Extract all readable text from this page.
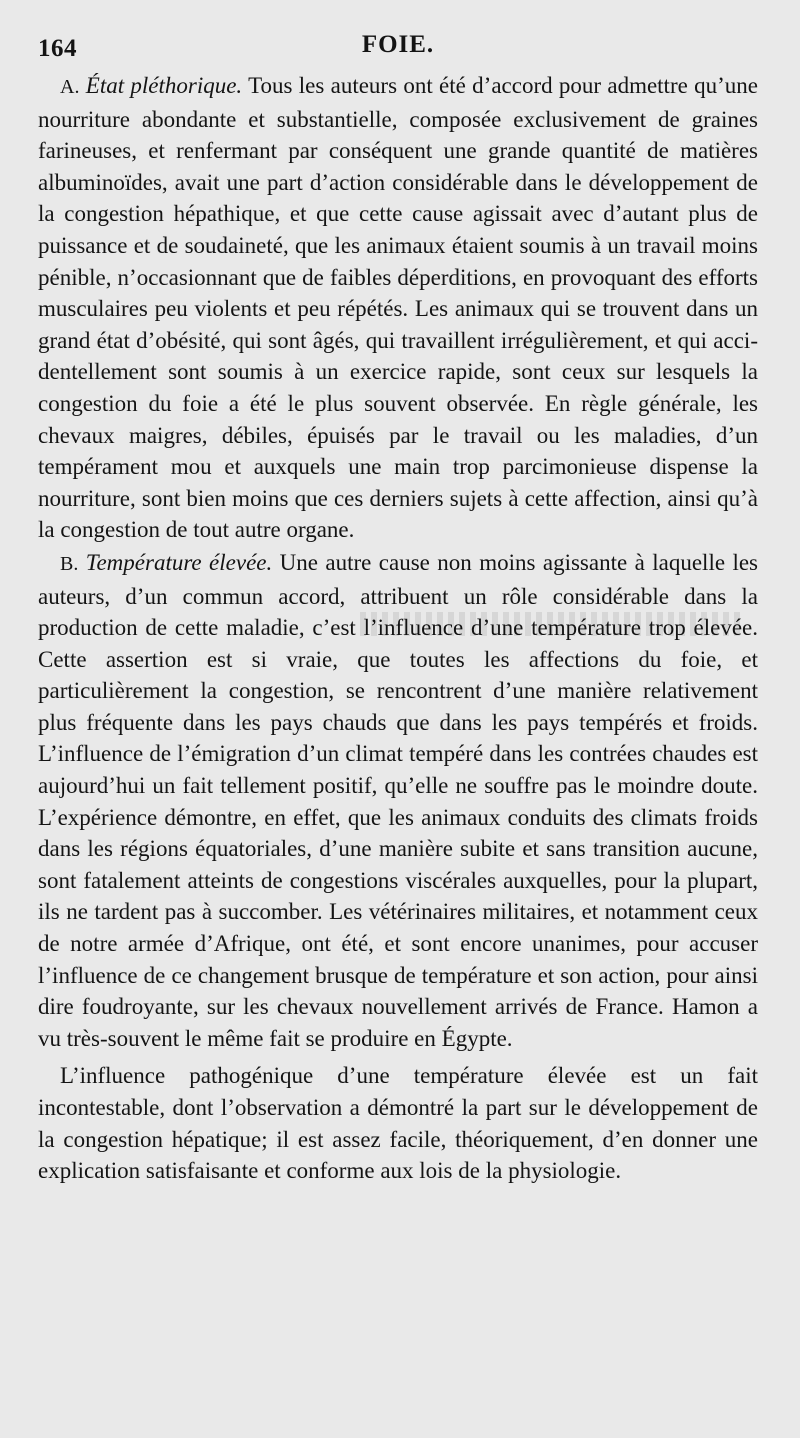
164	FOIE.

A. État pléthorique. Tous les auteurs ont été d’accord pour admettre qu’une nourriture abondante et substantielle, composée exclusivement de graines farineuses, et renfermant par conséquent une grande quantité de matières albuminoïdes, avait une part d’action considérable dans le développement de la congestion hépathique, et que cette cause agissait avec d’autant plus de puissance et de soudaineté, que les animaux étaient soumis à un travail moins pénible, n’occasionnant que de faibles déperditions, en provoquant des efforts musculaires peu violents et peu répétés. Les animaux qui se trouvent dans un grand état d’obésité, qui sont âgés, qui travaillent irrégulièrement, et qui accidentellement sont soumis à un exercice rapide, sont ceux sur lesquels la congestion du foie a été le plus souvent observée. En règle générale, les chevaux maigres, débiles, épuisés par le travail ou les maladies, d’un tempérament mou et auxquels une main trop parcimonieuse dispense la nourriture, sont bien moins que ces derniers sujets à cette affection, ainsi qu’à la congestion de tout autre organe.

B. Température élevée. Une autre cause non moins agissante à laquelle les auteurs, d’un commun accord, attribuent un rôle considérable dans la production de cette maladie, c’est l’influence d’une température trop élevée. Cette assertion est si vraie, que toutes les affections du foie, et particulièrement la congestion, se rencontrent d’une manière relativement plus fréquente dans les pays chauds que dans les pays tempérés et froids. L’influence de l’émigration d’un climat tempéré dans les contrées chaudes est aujourd’hui un fait tellement positif, qu’elle ne souffre pas le moindre doute. L’expérience démontre, en effet, que les animaux conduits des climats froids dans les régions équatoriales, d’une manière subite et sans transition aucune, sont fatalement atteints de congestions viscérales auxquelles, pour la plupart, ils ne tardent pas à succomber. Les vétérinaires militaires, et notamment ceux de notre armée d’Afrique, ont été, et sont encore unanimes, pour accuser l’influence de ce changement brusque de température et son action, pour ainsi dire foudroyante, sur les chevaux nouvellement arrivés de France. Hamon a vu très-souvent le même fait se produire en Égypte.

L’influence pathogénique d’une température élevée est un fait incontestable, dont l’observation a démontré la part sur le développement de la congestion hépatique; il est assez facile, théoriquement, d’en donner une explication satisfaisante et conforme aux lois de la physiologie.
